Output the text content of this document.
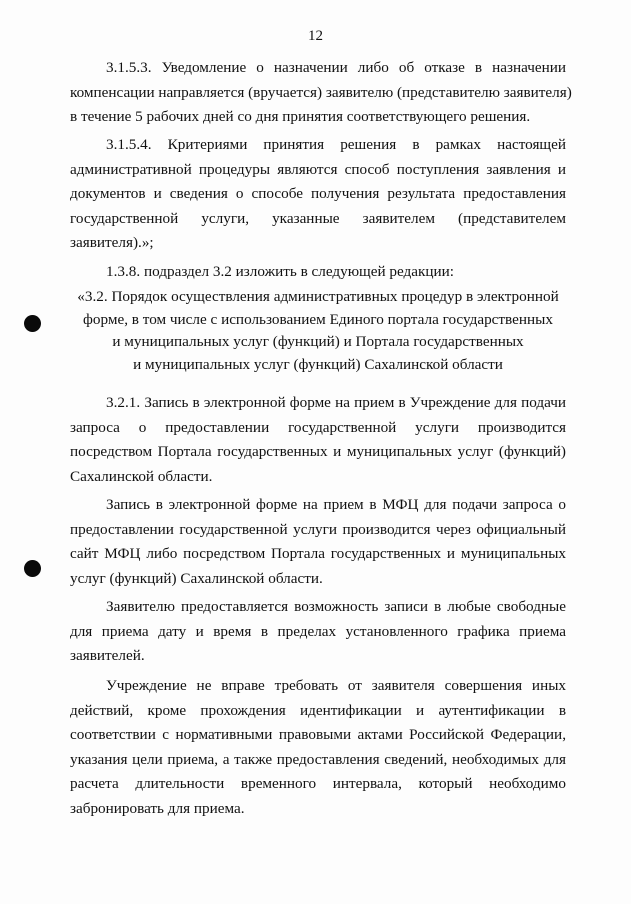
12
3.1.5.3. Уведомление о назначении либо об отказе в назначении
компенсации направляется (вручается) заявителю (представителю заявителя)
в течение 5 рабочих дней со дня принятия соответствующего решения.
3.1.5.4. Критериями принятия решения в рамках настоящей
административной процедуры являются способ поступления заявления и
документов и сведения о способе получения результата предоставления
государственной услуги, указанные заявителем (представителем
заявителя).»;
1.3.8. подраздел 3.2 изложить в следующей редакции:
«3.2. Порядок осуществления административных процедур в электронной
форме, в том числе с использованием Единого портала государственных
и муниципальных услуг (функций) и Портала государственных
и муниципальных услуг (функций) Сахалинской области
3.2.1. Запись в электронной форме на прием в Учреждение для подачи
запроса о предоставлении государственной услуги производится
посредством Портала государственных и муниципальных услуг (функций)
Сахалинской области.
Запись в электронной форме на прием в МФЦ для подачи запроса о
предоставлении государственной услуги производится через официальный
сайт МФЦ либо посредством Портала государственных и муниципальных
услуг (функций) Сахалинской области.
Заявителю предоставляется возможность записи в любые свободные
для приема дату и время в пределах установленного графика приема
заявителей.
Учреждение не вправе требовать от заявителя совершения иных
действий, кроме прохождения идентификации и аутентификации в
соответствии с нормативными правовыми актами Российской Федерации,
указания цели приема, а также предоставления сведений, необходимых для
расчета длительности временного интервала, который необходимо
забронировать для приема.
